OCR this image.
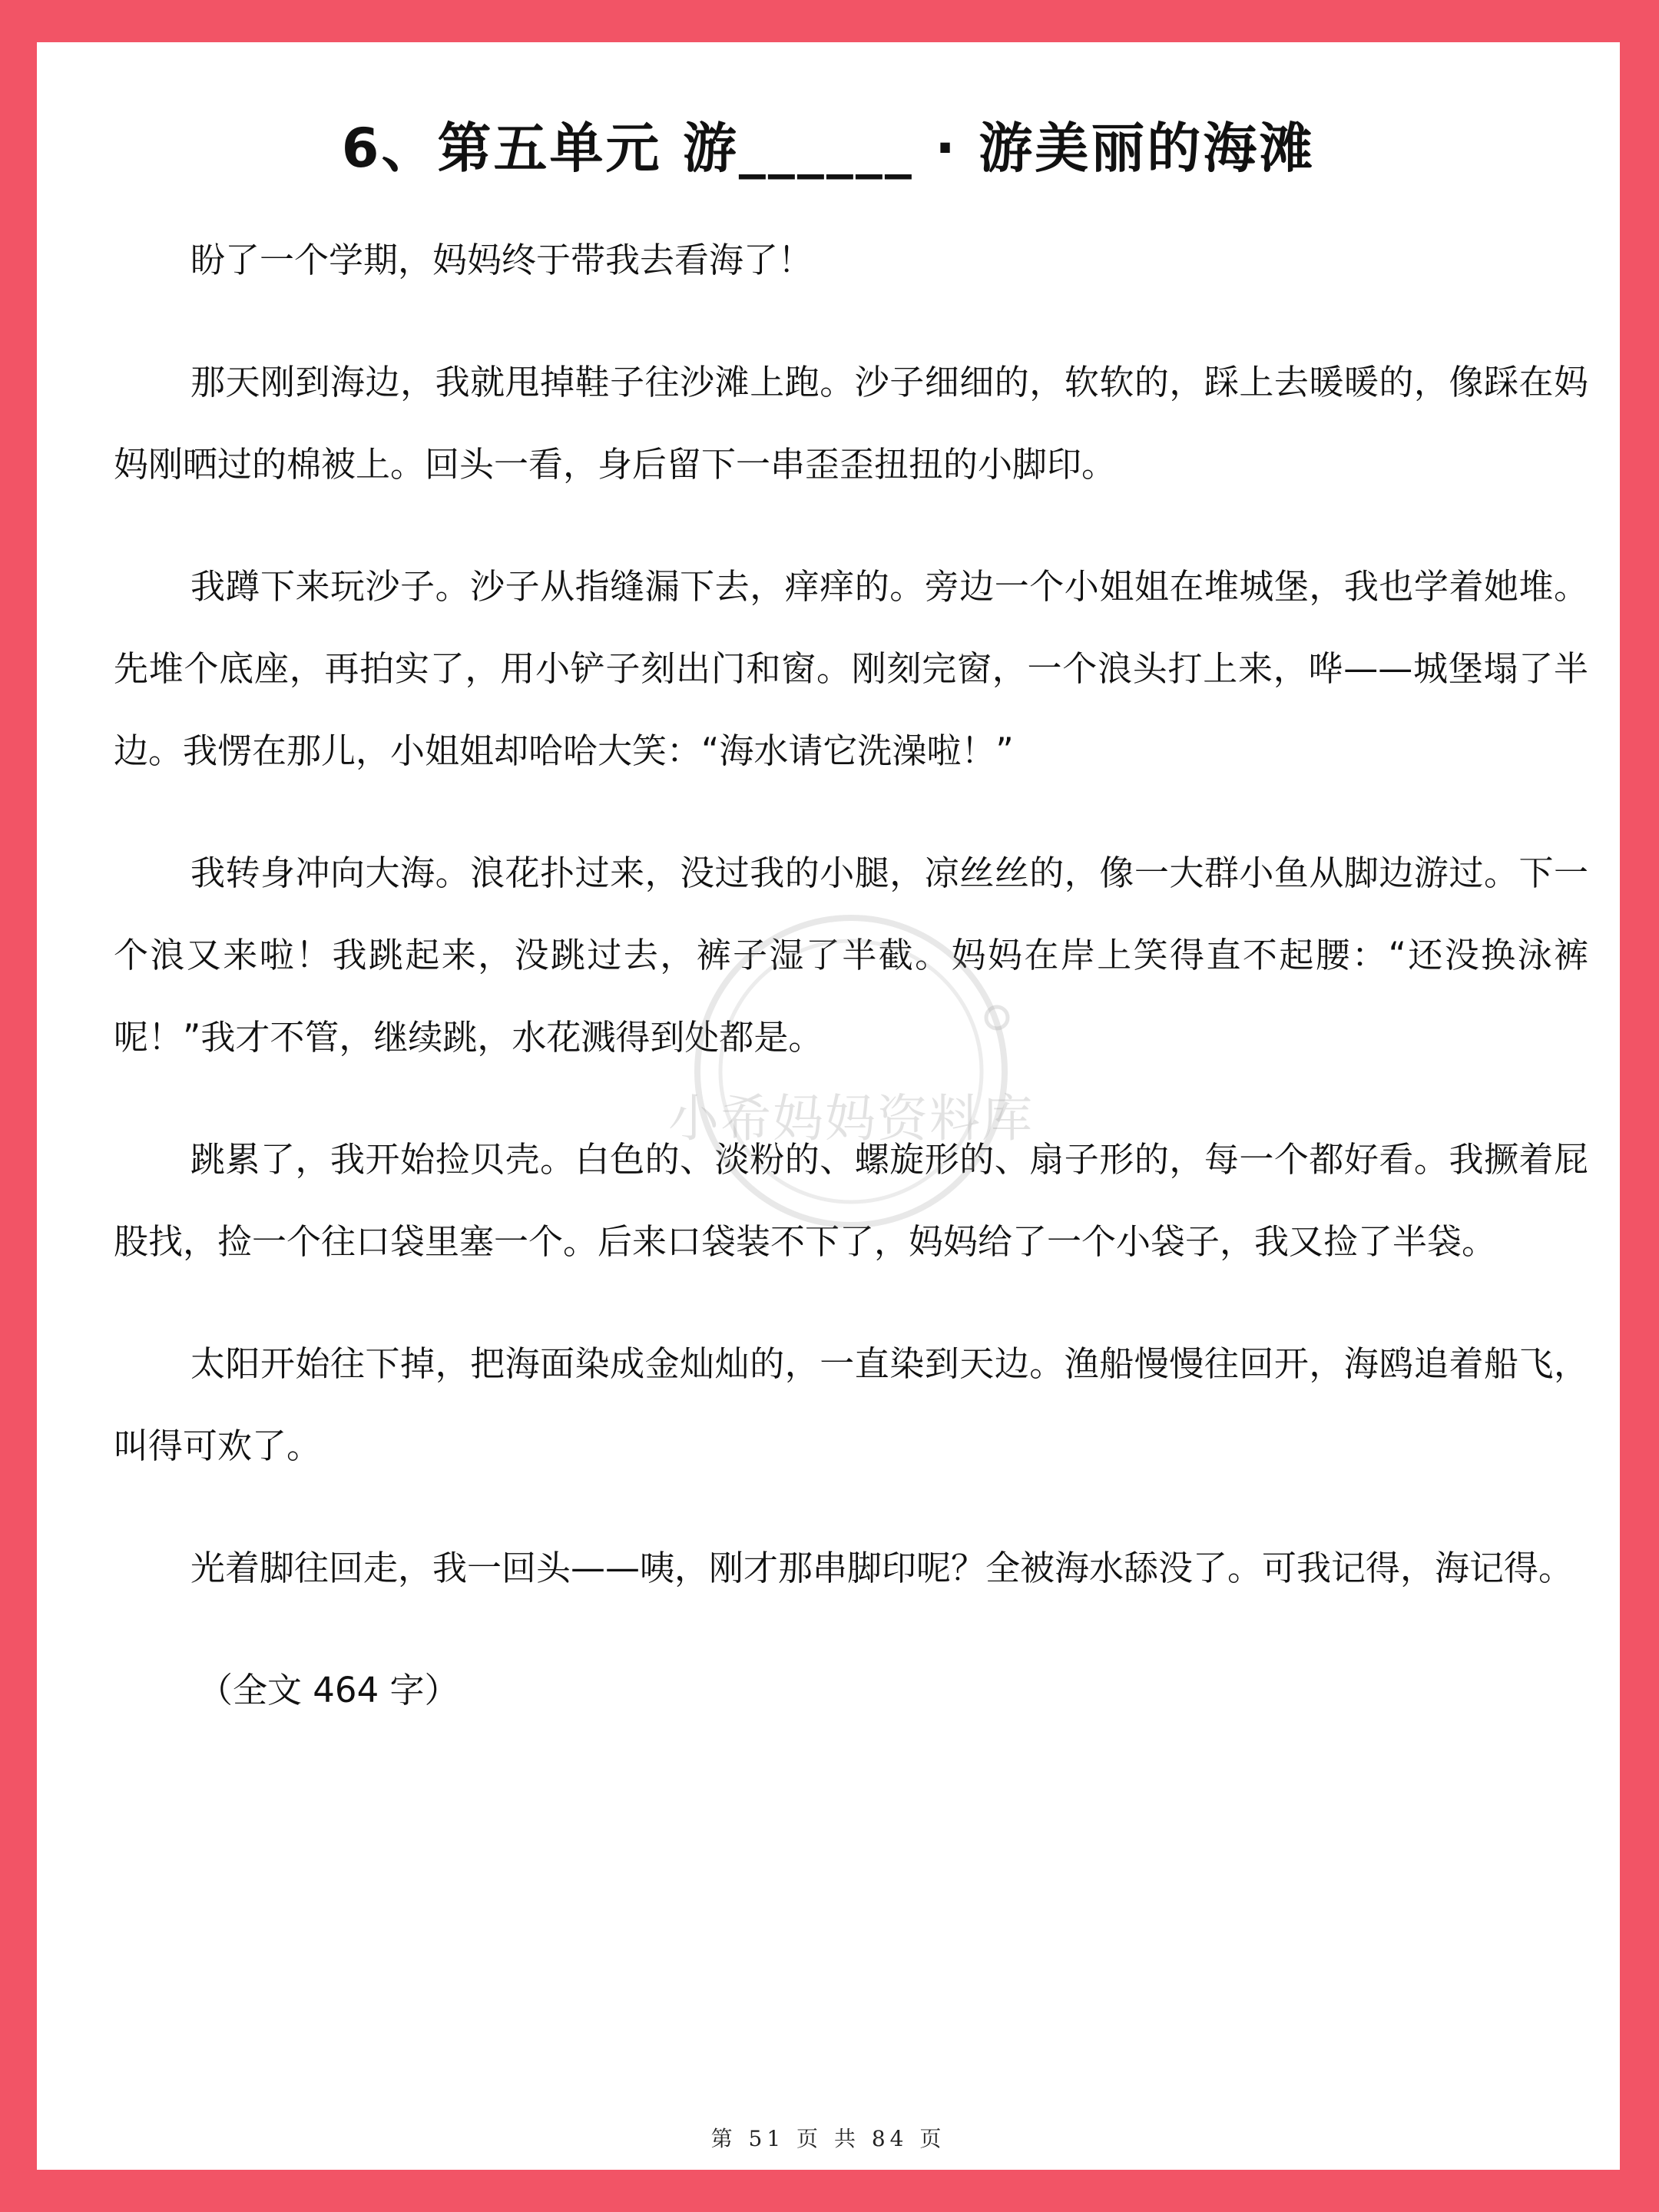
6、第五单元 游______ · 游美丽的海滩

盼了一个学期，妈妈终于带我去看海了！

那天刚到海边，我就甩掉鞋子往沙滩上跑。沙子细细的，软软的，踩上去暖暖的，像踩在妈妈刚晒过的棉被上。回头一看，身后留下一串歪歪扭扭的小脚印。

我蹲下来玩沙子。沙子从指缝漏下去，痒痒的。旁边一个小姐姐在堆城堡，我也学着她堆。先堆个底座，再拍实了，用小铲子刻出门和窗。刚刻完窗，一个浪头打上来，哗——城堡塌了半边。我愣在那儿，小姐姐却哈哈大笑：“海水请它洗澡啦！”

我转身冲向大海。浪花扑过来，没过我的小腿，凉丝丝的，像一大群小鱼从脚边游过。下一个浪又来啦！我跳起来，没跳过去，裤子湿了半截。妈妈在岸上笑得直不起腰：“还没换泳裤呢！”我才不管，继续跳，水花溅得到处都是。

跳累了，我开始捡贝壳。白色的、淡粉的、螺旋形的、扇子形的，每一个都好看。我撅着屁股找，捡一个往口袋里塞一个。后来口袋装不下了，妈妈给了一个小袋子，我又捡了半袋。

太阳开始往下掉，把海面染成金灿灿的，一直染到天边。渔船慢慢往回开，海鸥追着船飞，叫得可欢了。

光着脚往回走，我一回头——咦，刚才那串脚印呢？全被海水舔没了。可我记得，海记得。

（全文 464 字）

小希妈妈资料库
第 51 页 共 84 页
